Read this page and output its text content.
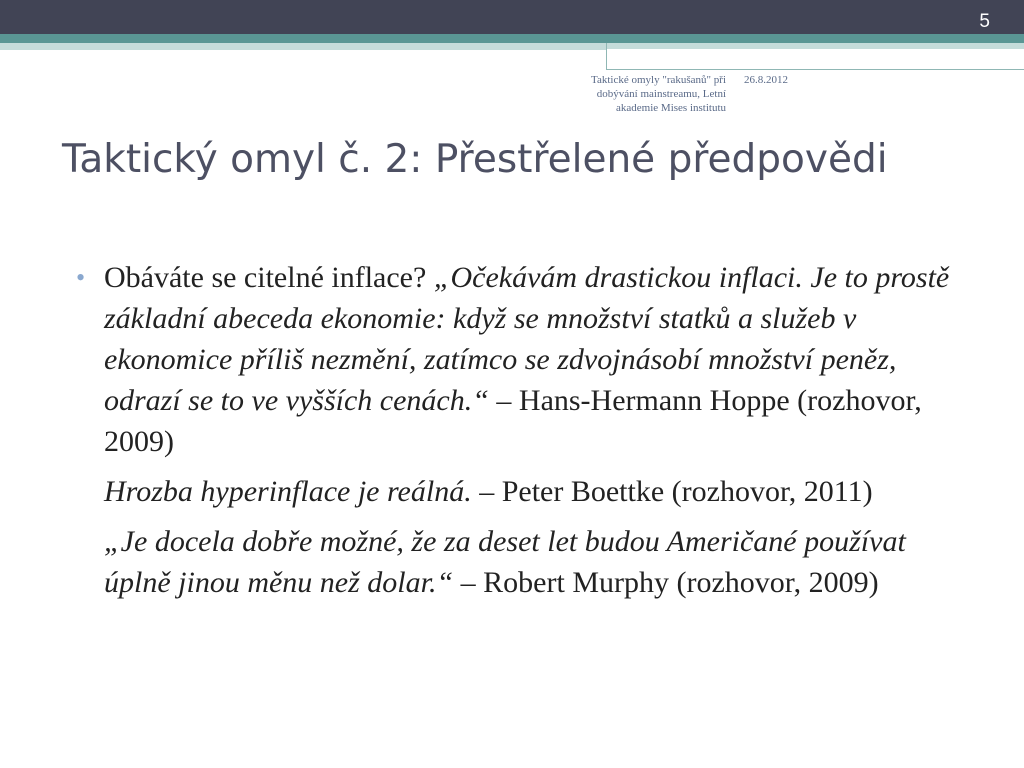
5
Taktické omyly "rakušanů" při dobývání mainstreamu, Letní akademie Mises institutu
26.8.2012
Taktický omyl č. 2: Přestřelené předpovědi

• Obáváte se citelné inflace? „Očekávám drastickou inflaci. Je to prostě základní abeceda ekonomie: když se množství statků a služeb v ekonomice příliš nezmění, zatímco se zdvojnásobí množství peněz, odrazí se to ve vyšších cenách.“ – Hans-Hermann Hoppe (rozhovor, 2009)

Hrozba hyperinflace je reálná. – Peter Boettke (rozhovor, 2011)

„Je docela dobře možné, že za deset let budou Američané používat úplně jinou měnu než dolar.“ – Robert Murphy (rozhovor, 2009)
